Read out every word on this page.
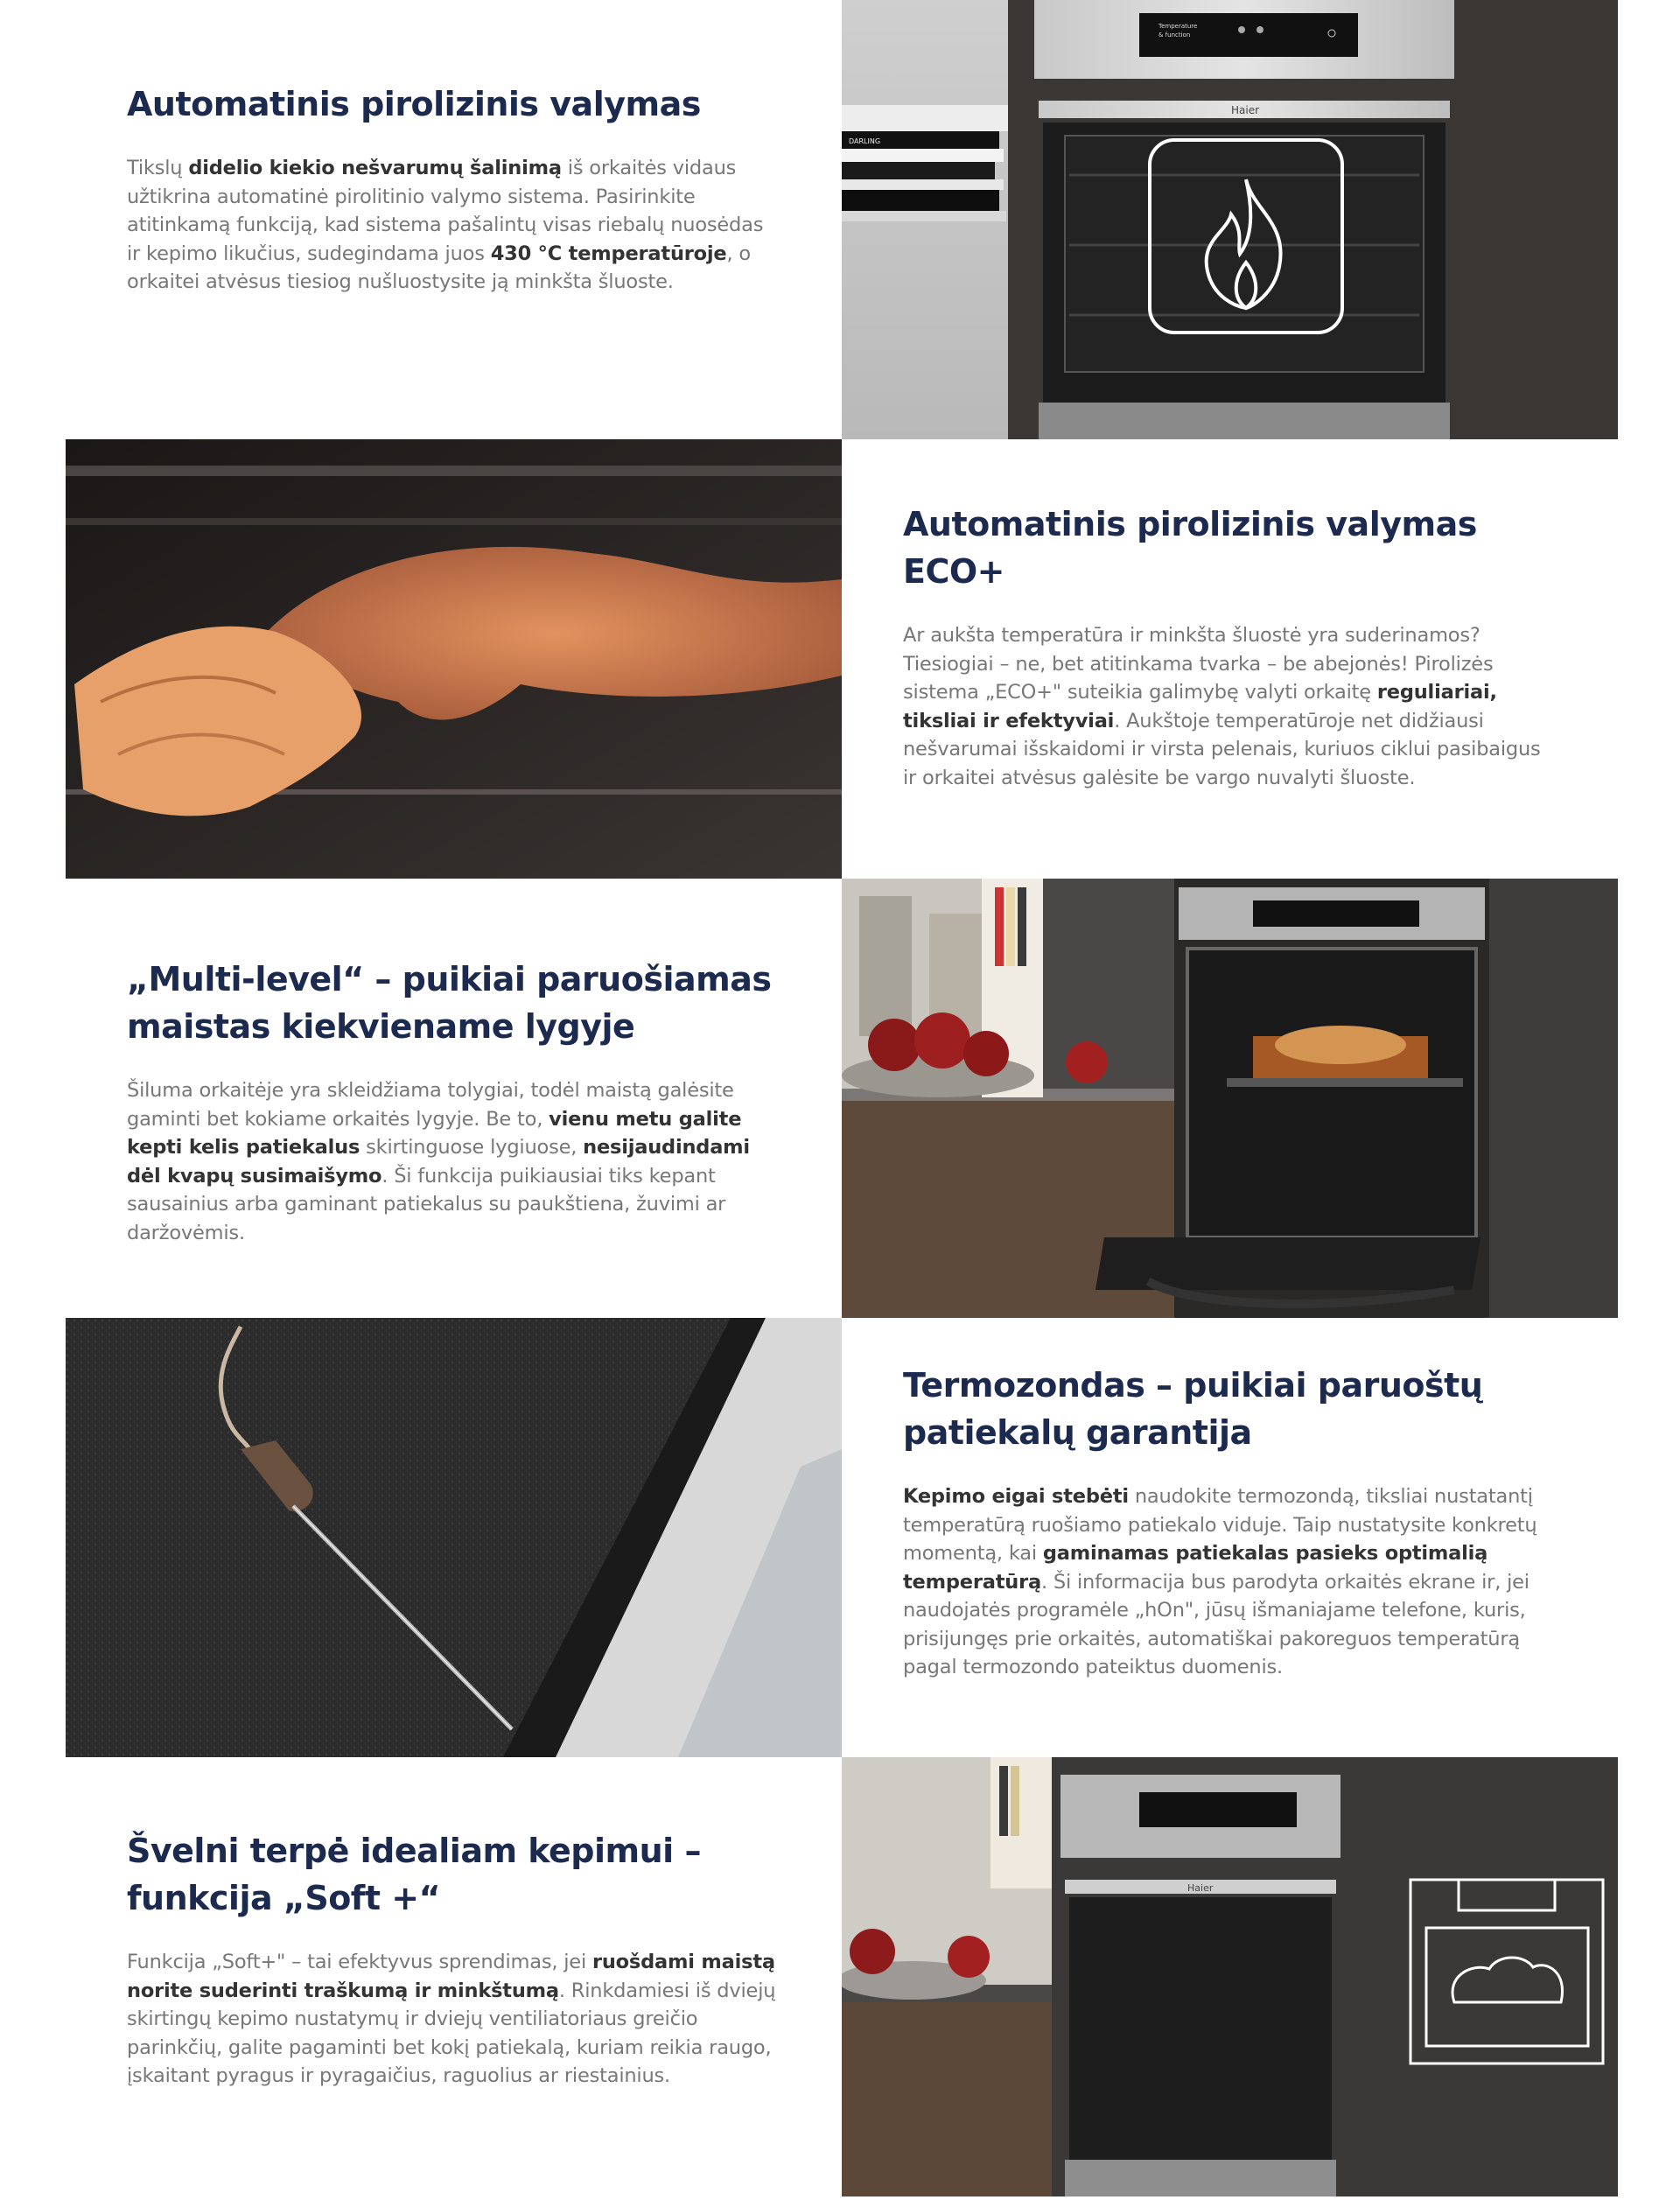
Automatinis pirolizinis valymas

Tikslų didelio kiekio nešvarumų šalinimą iš orkaitės vidaus užtikrina automatinė pirolitinio valymo sistema. Pasirinkite atitinkamą funkciją, kad sistema pašalintų visas riebalų nuosėdas ir kepimo likučius, sudegindama juos 430 °C temperatūroje, o orkaitei atvėsus tiesiog nušluostysite ją minkšta šluoste.

Temperature
& function
Haier
DARLING
Automatinis pirolizinis valymas ECO+

Ar aukšta temperatūra ir minkšta šluostė yra suderinamos? Tiesiogiai – ne, bet atitinkama tvarka – be abejonės! Pirolizės sistema „ECO+" suteikia galimybę valyti orkaitę reguliariai, tiksliai ir efektyviai. Aukštoje temperatūroje net didžiausi nešvarumai išskaidomi ir virsta pelenais, kuriuos ciklui pasibaigus ir orkaitei atvėsus galėsite be vargo nuvalyti šluoste.

„Multi-level“ – puikiai paruošiamas maistas kiekviename lygyje

Šiluma orkaitėje yra skleidžiama tolygiai, todėl maistą galėsite gaminti bet kokiame orkaitės lygyje. Be to, vienu metu galite kepti kelis patiekalus skirtinguose lygiuose, nesijaudindami dėl kvapų susimaišymo. Ši funkcija puikiausiai tiks kepant sausainius arba gaminant patiekalus su paukštiena, žuvimi ar daržovėmis.

Termozondas – puikiai paruoštų patiekalų garantija

Kepimo eigai stebėti naudokite termozondą, tiksliai nustatantį temperatūrą ruošiamo patiekalo viduje. Taip nustatysite konkretų momentą, kai gaminamas patiekalas pasieks optimalią temperatūrą. Ši informacija bus parodyta orkaitės ekrane ir, jei naudojatės programėle „hOn", jūsų išmaniajame telefone, kuris, prisijungęs prie orkaitės, automatiškai pakoreguos temperatūrą pagal termozondo pateiktus duomenis.

Švelni terpė idealiam kepimui – funkcija „Soft +“

Funkcija „Soft+" – tai efektyvus sprendimas, jei ruošdami maistą norite suderinti traškumą ir minkštumą. Rinkdamiesi iš dviejų skirtingų kepimo nustatymų ir dviejų ventiliatoriaus greičio parinkčių, galite pagaminti bet kokį patiekalą, kuriam reikia raugo, įskaitant pyragus ir pyragaičius, raguolius ar riestainius.

Haier
